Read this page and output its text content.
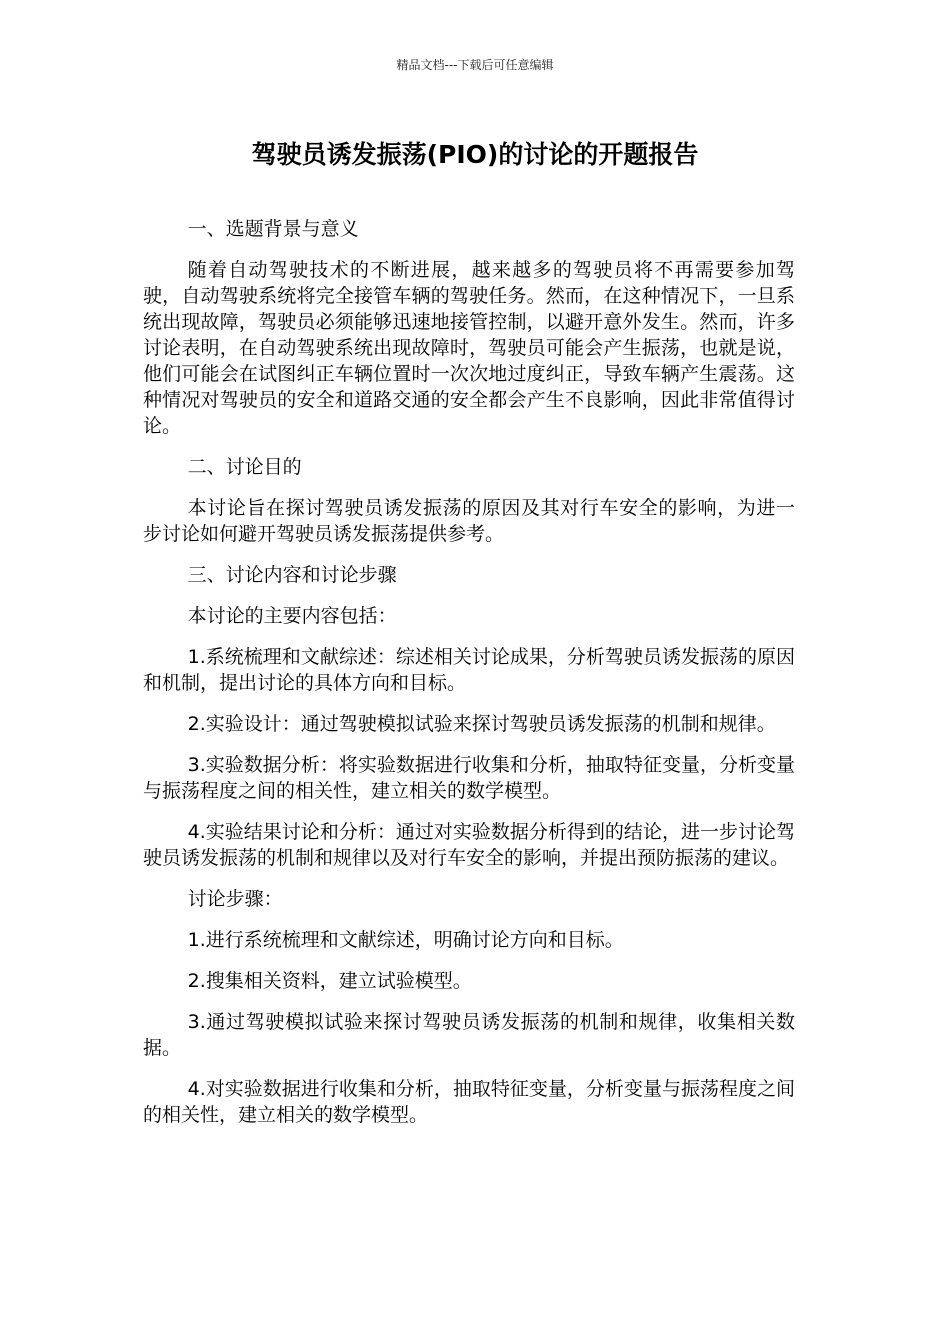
精品文档---下载后可任意编辑
驾驶员诱发振荡(PIO)的讨论的开题报告

一、选题背景与意义

随着自动驾驶技术的不断进展，越来越多的驾驶员将不再需要参加驾驶，自动驾驶系统将完全接管车辆的驾驶任务。然而，在这种情况下，一旦系统出现故障，驾驶员必须能够迅速地接管控制，以避开意外发生。然而，许多讨论表明，在自动驾驶系统出现故障时，驾驶员可能会产生振荡，也就是说，他们可能会在试图纠正车辆位置时一次次地过度纠正，导致车辆产生震荡。这种情况对驾驶员的安全和道路交通的安全都会产生不良影响，因此非常值得讨论。

二、讨论目的

本讨论旨在探讨驾驶员诱发振荡的原因及其对行车安全的影响，为进一步讨论如何避开驾驶员诱发振荡提供参考。

三、讨论内容和讨论步骤

本讨论的主要内容包括：

1.系统梳理和文献综述：综述相关讨论成果，分析驾驶员诱发振荡的原因和机制，提出讨论的具体方向和目标。

2.实验设计：通过驾驶模拟试验来探讨驾驶员诱发振荡的机制和规律。

3.实验数据分析：将实验数据进行收集和分析，抽取特征变量，分析变量与振荡程度之间的相关性，建立相关的数学模型。

4.实验结果讨论和分析：通过对实验数据分析得到的结论，进一步讨论驾驶员诱发振荡的机制和规律以及对行车安全的影响，并提出预防振荡的建议。

讨论步骤：

1.进行系统梳理和文献综述，明确讨论方向和目标。

2.搜集相关资料，建立试验模型。

3.通过驾驶模拟试验来探讨驾驶员诱发振荡的机制和规律，收集相关数据。

4.对实验数据进行收集和分析，抽取特征变量，分析变量与振荡程度之间的相关性，建立相关的数学模型。
